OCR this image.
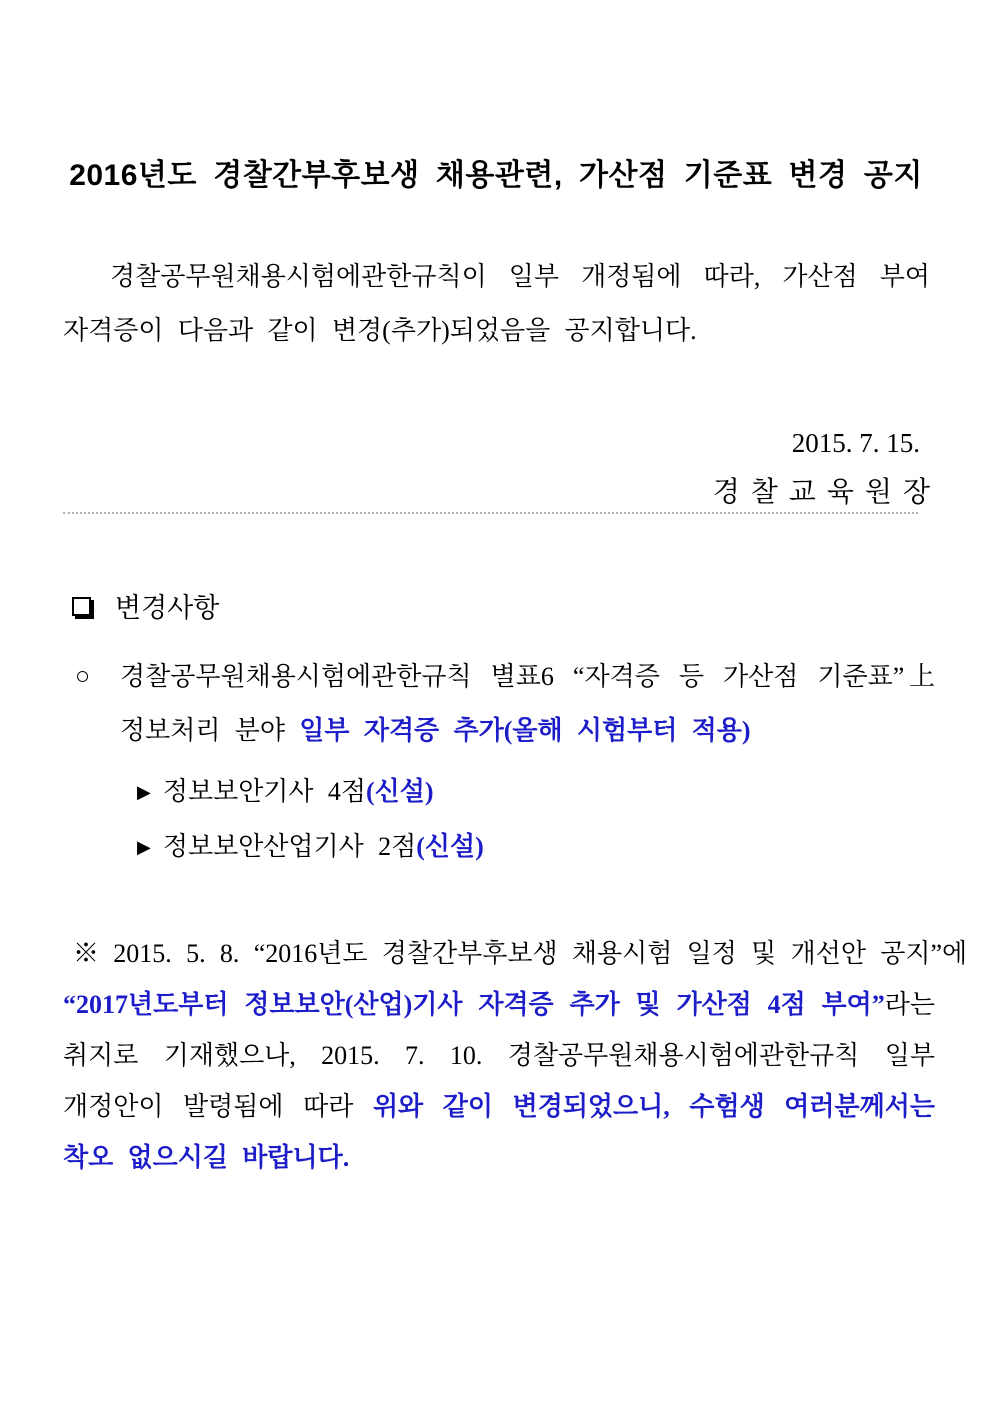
2016년도 경찰간부후보생 채용관련, 가산점 기준표 변경 공지

경찰공무원채용시험에관한규칙이 일부 개정됨에 따라, 가산점 부여

자격증이 다음과 같이 변경(추가)되었음을 공지합니다.

2015. 7. 15.
경 찰 교 육 원 장
변경사항
○ 경찰공무원채용시험에관한규칙 별표6 “자격증 등 가산점 기준표”上

정보처리 분야 일부 자격증 추가(올해 시험부터 적용)

▶ 정보보안기사 4점(신설)
▶ 정보보안산업기사 2점(신설)

※ 2015. 5. 8. “2016년도 경찰간부후보생 채용시험 일정 및 개선안 공지”에

“2017년도부터 정보보안(산업)기사 자격증 추가 및 가산점 4점 부여”라는

취지로 기재했으나, 2015. 7. 10. 경찰공무원채용시험에관한규칙 일부

개정안이 발령됨에 따라 위와 같이 변경되었으니, 수험생 여러분께서는

착오 없으시길 바랍니다.
